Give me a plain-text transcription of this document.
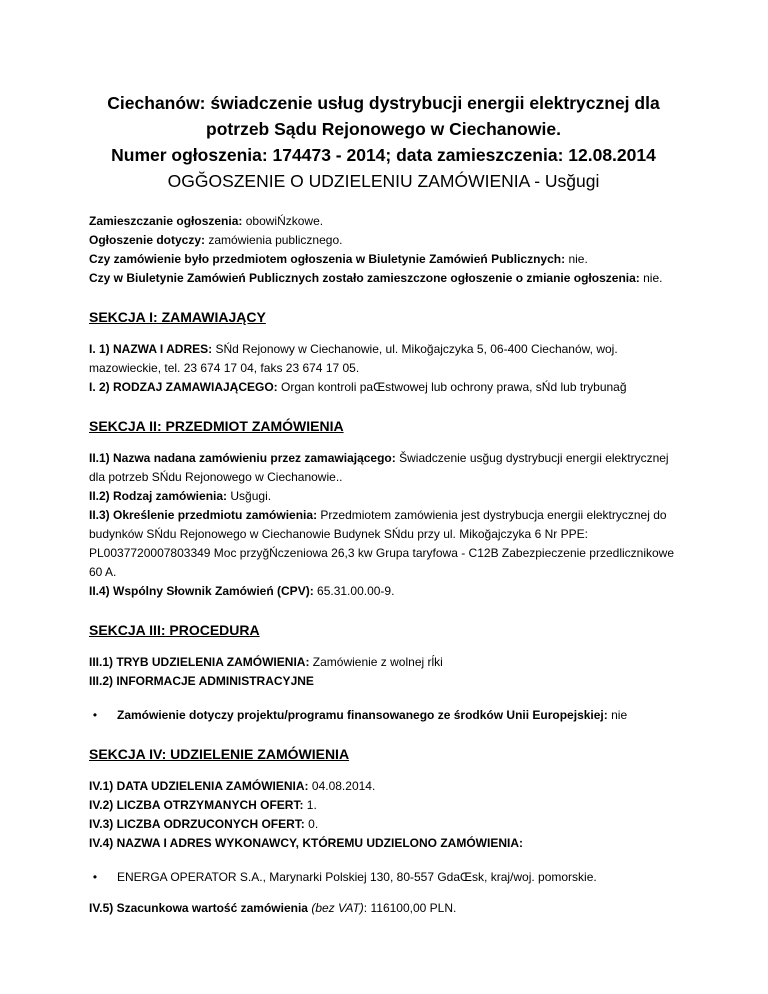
Ciechanów: świadczenie usług dystrybucji energii elektrycznej dla

potrzeb Sądu Rejonowego w Ciechanowie.

Numer ogłoszenia: 174473 - 2014; data zamieszczenia: 12.08.2014

OGĞOSZENIE O UDZIELENIU ZAMÓWIENIA - Usğugi

Zamieszczanie ogłoszenia: obowiŃzkowe.

Ogłoszenie dotyczy: zamówienia publicznego.

Czy zamówienie było przedmiotem ogłoszenia w Biuletynie Zamówień Publicznych: nie.

Czy w Biuletynie Zamówień Publicznych zostało zamieszczone ogłoszenie o zmianie ogłoszenia: nie.

SEKCJA I: ZAMAWIAJĄCY

I. 1) NAZWA I ADRES: SŃd Rejonowy w Ciechanowie, ul. Mikoğajczyka 5, 06-400 Ciechanów, woj. mazowieckie, tel. 23 674 17 04, faks 23 674 17 05.

I. 2) RODZAJ ZAMAWIAJĄCEGO: Organ kontroli paŒstwowej lub ochrony prawa, sŃd lub trybunağ

SEKCJA II: PRZEDMIOT ZAMÓWIENIA

II.1) Nazwa nadana zamówieniu przez zamawiającego: Šwiadczenie usğug dystrybucji energii elektrycznej dla potrzeb SŃdu Rejonowego w Ciechanowie..

II.2) Rodzaj zamówienia: Usğugi.

II.3) Określenie przedmiotu zamówienia: Przedmiotem zamówienia jest dystrybucja energii elektrycznej do budynków SŃdu Rejonowego w Ciechanowie Budynek SŃdu przy ul. Mikoğajczyka 6 Nr PPE: PL0037720007803349 Moc przyğŃczeniowa 26,3 kw Grupa taryfowa - C12B Zabezpieczenie przedlicznikowe 60 A.

II.4) Wspólny Słownik Zamówień (CPV): 65.31.00.00-9.

SEKCJA III: PROCEDURA

III.1) TRYB UDZIELENIA ZAMÓWIENIA: Zamówienie z wolnej rĺki

III.2) INFORMACJE ADMINISTRACYJNE

•	Zamówienie dotyczy projektu/programu finansowanego ze środków Unii Europejskiej: nie
SEKCJA IV: UDZIELENIE ZAMÓWIENIA

IV.1) DATA UDZIELENIA ZAMÓWIENIA: 04.08.2014.

IV.2) LICZBA OTRZYMANYCH OFERT: 1.

IV.3) LICZBA ODRZUCONYCH OFERT: 0.

IV.4) NAZWA I ADRES WYKONAWCY, KTÓREMU UDZIELONO ZAMÓWIENIA:

•	ENERGA OPERATOR S.A., Marynarki Polskiej 130, 80-557 GdaŒsk, kraj/woj. pomorskie.

IV.5) Szacunkowa wartość zamówienia (bez VAT): 116100,00 PLN.
